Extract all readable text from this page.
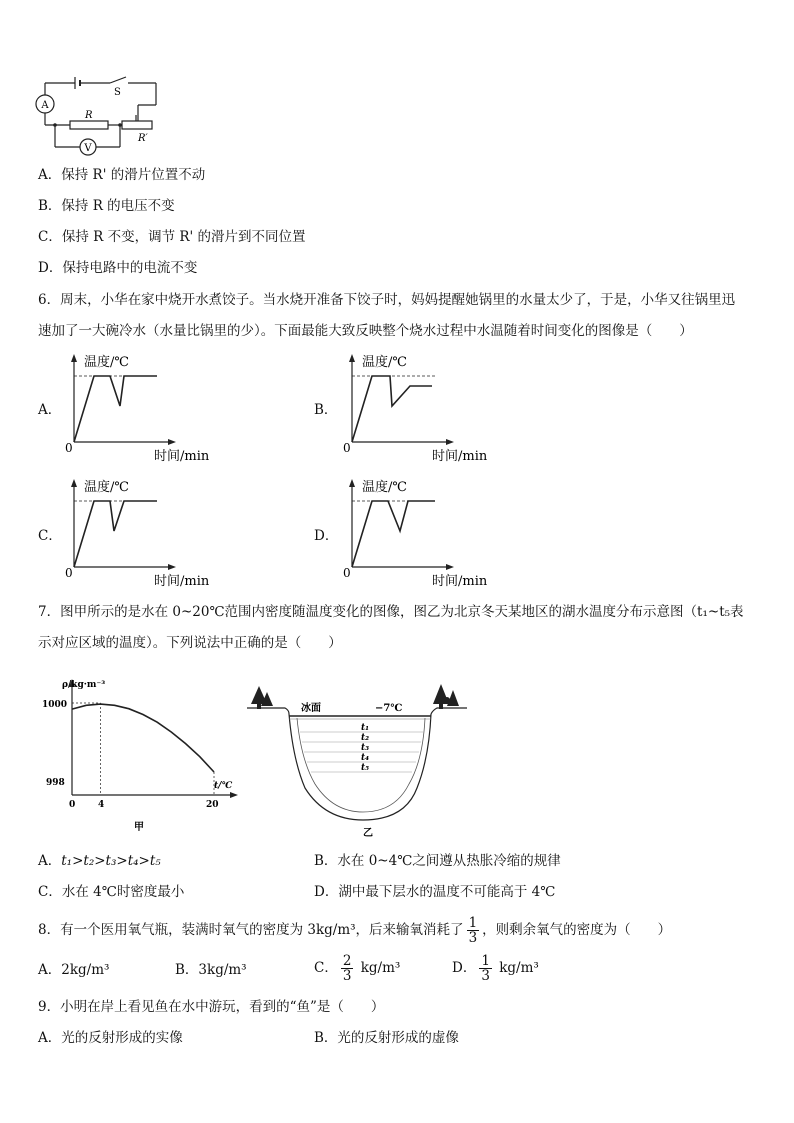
A
V
S
R
R′
A．保持 R' 的滑片位置不动
B．保持 R 的电压不变
C．保持 R 不变，调节 R' 的滑片到不同位置
D．保持电路中的电流不变
6．周末，小华在家中烧开水煮饺子。当水烧开准备下饺子时，妈妈提醒她锅里的水量太少了，于是，小华又往锅里迅
速加了一大碗冷水（水量比锅里的少）。下面最能大致反映整个烧水过程中水温随着时间变化的图像是（　　）
A．	B．
C．	D．
温度/℃
时间/min
0
温度/℃
时间/min
0
温度/℃
时间/min
0
温度/℃
时间/min
0
7．图甲所示的是水在 0~20℃范围内密度随温度变化的图像，图乙为北京冬天某地区的湖水温度分布示意图（t₁~t₅表
示对应区域的温度）。下列说法中正确的是（　　）
ρ/kg·m⁻³
t/℃
1000
998
0	4	20
甲
冰面	−7℃
t₁
t₂
t₃
t₄
t₅
乙
A．t₁>t₂>t₃>t₄>t₅	B．水在 0~4℃之间遵从热胀冷缩的规律
C．水在 4℃时密度最小	D．湖中最下层水的温度不可能高于 4℃
8．有一个医用氧气瓶，装满时氧气的密度为 3kg/m³，后来输氧消耗了 $\frac{1}{3}$ ，则剩余氧气的密度为（　　）
A．2kg/m³	B．3kg/m³	C． $\frac{2}{3} kg/m^3$	D． $\frac{1}{3} kg/m^3$
9．小明在岸上看见鱼在水中游玩，看到的“鱼”是（　　）
A．光的反射形成的实像	B．光的反射形成的虚像
